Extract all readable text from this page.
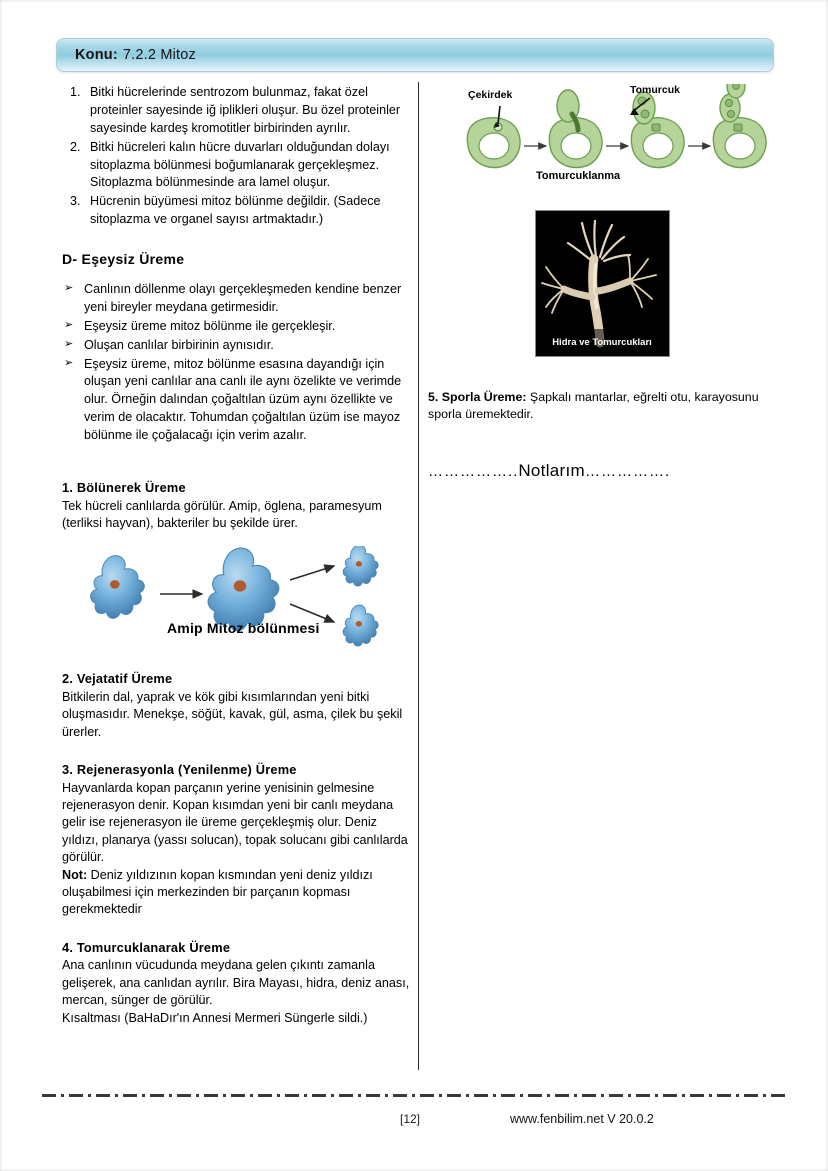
Konu: 7.2.2 Mitoz
1. Bitki hücrelerinde sentrozom bulunmaz, fakat özel proteinler sayesinde iğ iplikleri oluşur. Bu özel proteinler sayesinde kardeş kromotitler birbirinden ayrılır.
2. Bitki hücreleri kalın hücre duvarları olduğundan dolayı sitoplazma bölünmesi boğumlanarak gerçekleşmez. Sitoplazma bölünmesinde ara lamel oluşur.
3. Hücrenin büyümesi mitoz bölünme değildir. (Sadece sitoplazma ve organel sayısı artmaktadır.)
D- Eşeysiz Üreme
➢ Canlının döllenme olayı gerçekleşmeden kendine benzer yeni bireyler meydana getirmesidir.
➢ Eşeysiz üreme mitoz bölünme ile gerçekleşir.
➢ Oluşan canlılar birbirinin aynısıdır.
➢ Eşeysiz üreme, mitoz bölünme esasına dayandığı için oluşan yeni canlılar ana canlı ile aynı özelikte ve verimde olur. Örneğin dalından çoğaltılan üzüm aynı özellikte ve verim de olacaktır. Tohumdan çoğaltılan üzüm ise mayoz bölünme ile çoğalacağı için verim azalır.
1. Bölünerek Üreme

Tek hücreli canlılarda görülür. Amip, öglena, paramesyum (terliksi hayvan), bakteriler bu şekilde ürer.

Amip Mitoz bölünmesi
2. Vejatatif Üreme

Bitkilerin dal, yaprak ve kök gibi kısımlarından yeni bitki oluşmasıdır. Menekşe, söğüt, kavak, gül, asma, çilek bu şekil ürerler.

3. Rejenerasyonla (Yenilenme) Üreme

Hayvanlarda kopan parçanın yerine yenisinin gelmesine rejenerasyon denir. Kopan kısımdan yeni bir canlı meydana gelir ise rejenerasyon ile üreme gerçekleşmiş olur. Deniz yıldızı, planarya (yassı solucan), topak solucanı gibi canlılarda görülür.

Not: Deniz yıldızının kopan kısmından yeni deniz yıldızı oluşabilmesi için merkezinden bir parçanın kopması gerekmektedir

4. Tomurcuklanarak Üreme

Ana canlının vücudunda meydana gelen çıkıntı zamanla gelişerek, ana canlıdan ayrılır. Bira Mayası, hidra, deniz anası, mercan, sünger de görülür.

Kısaltması (BaHaDır'ın Annesi Mermeri Süngerle sildi.)

Çekirdek	Tomurcuk
Tomurcuklanma
Hidra ve Tomurcukları
5. Sporla Üreme: Şapkalı mantarlar, eğrelti otu, karayosunu sporla üremektedir.
……………..Notlarım…………….
[12]	www.fenbilim.net V 20.0.2
